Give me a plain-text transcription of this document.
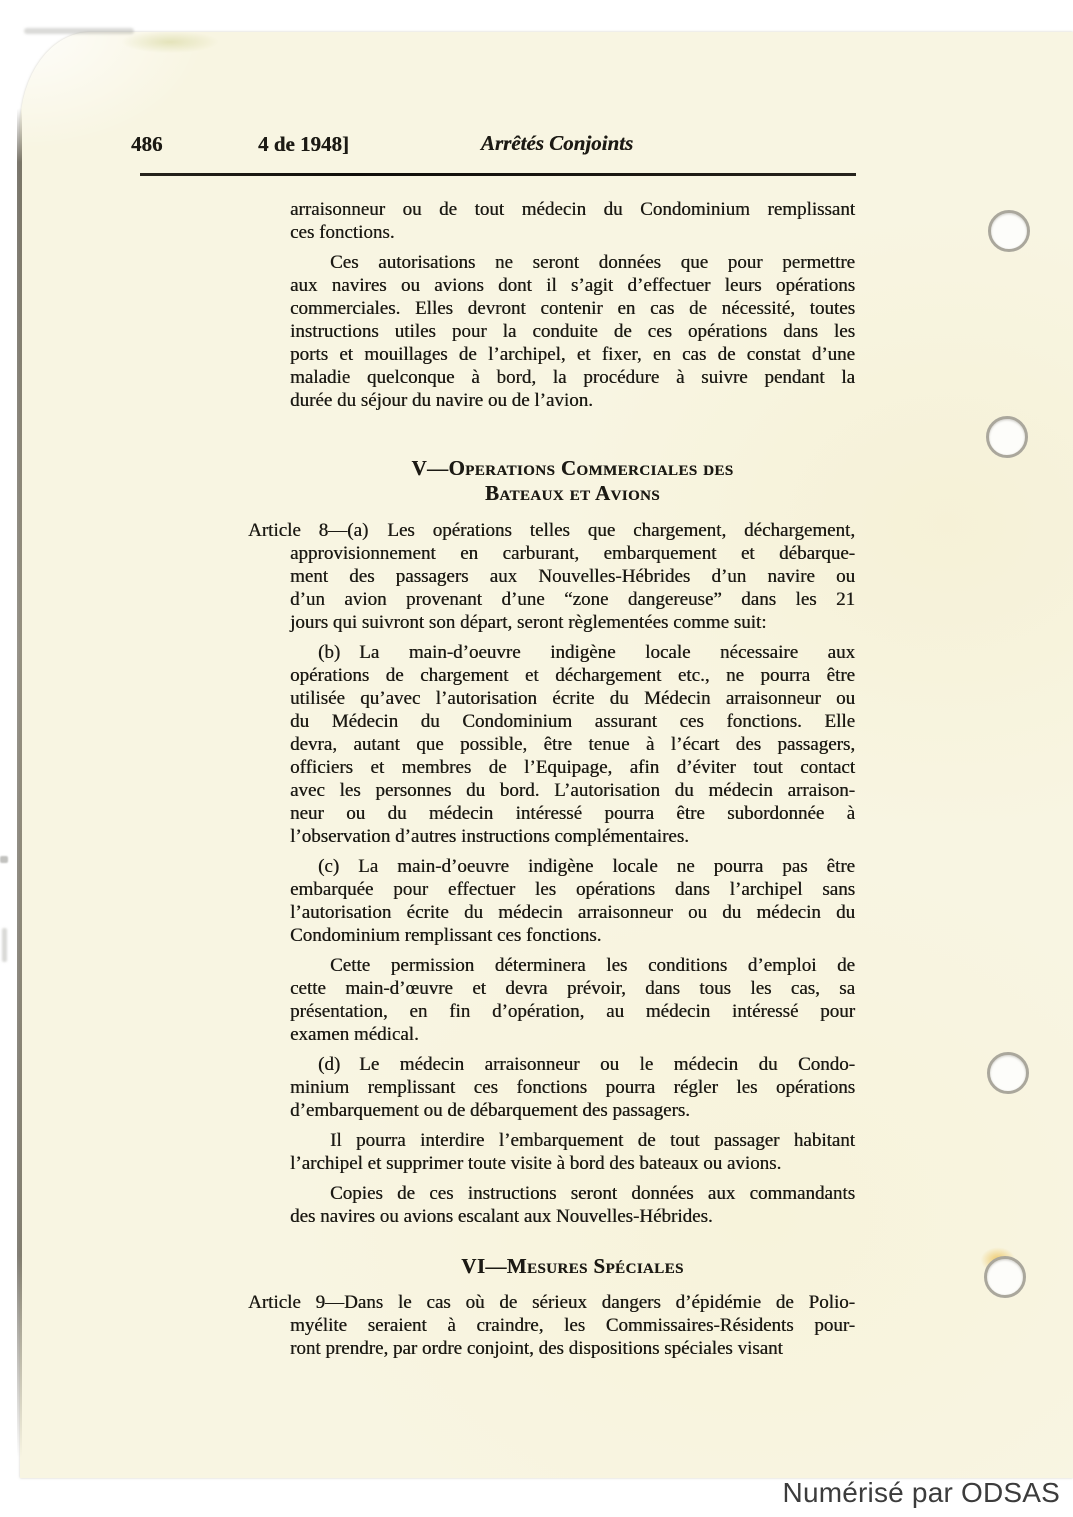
486	4 de 1948]	Arrêtés Conjoints
arraisonneur ou de tout médecin du Condominium remplissant
ces fonctions.
Ces autorisations ne seront données que pour permettre
aux navires ou avions dont il s’agit d’effectuer leurs opérations
commerciales. Elles devront contenir en cas de nécessité, toutes
instructions utiles pour la conduite de ces opérations dans les
ports et mouillages de l’archipel, et fixer, en cas de constat d’une
maladie quelconque à bord, la procédure à suivre pendant la
durée du séjour du navire ou de l’avion.
V—Operations Commerciales des
Bateaux et Avions
Article 8—(a) Les opérations telles que chargement, déchargement,
approvisionnement en carburant, embarquement et débarque-
ment des passagers aux Nouvelles-Hébrides d’un navire ou
d’un avion provenant d’une “zone dangereuse” dans les 21
jours qui suivront son départ, seront règlementées comme suit:
(b) La main-d’oeuvre indigène locale nécessaire aux
opérations de chargement et déchargement etc., ne pourra être
utilisée qu’avec l’autorisation écrite du Médecin arraisonneur ou
du Médecin du Condominium assurant ces fonctions. Elle
devra, autant que possible, être tenue à l’écart des passagers,
officiers et membres de l’Equipage, afin d’éviter tout contact
avec les personnes du bord. L’autorisation du médecin arraison-
neur ou du médecin intéressé pourra être subordonnée à
l’observation d’autres instructions complémentaires.
(c) La main-d’oeuvre indigène locale ne pourra pas être
embarquée pour effectuer les opérations dans l’archipel sans
l’autorisation écrite du médecin arraisonneur ou du médecin du
Condominium remplissant ces fonctions.
Cette permission déterminera les conditions d’emploi de
cette main-d’œuvre et devra prévoir, dans tous les cas, sa
présentation, en fin d’opération, au médecin intéressé pour
examen médical.
(d) Le médecin arraisonneur ou le médecin du Condo-
minium remplissant ces fonctions pourra régler les opérations
d’embarquement ou de débarquement des passagers.
Il pourra interdire l’embarquement de tout passager habitant
l’archipel et supprimer toute visite à bord des bateaux ou avions.
Copies de ces instructions seront données aux commandants
des navires ou avions escalant aux Nouvelles-Hébrides.
VI—Mesures Spéciales
Article 9—Dans le cas où de sérieux dangers d’épidémie de Polio-
myélite seraient à craindre, les Commissaires-Résidents pour-
ront prendre, par ordre conjoint, des dispositions spéciales visant
Numérisé par ODSAS
